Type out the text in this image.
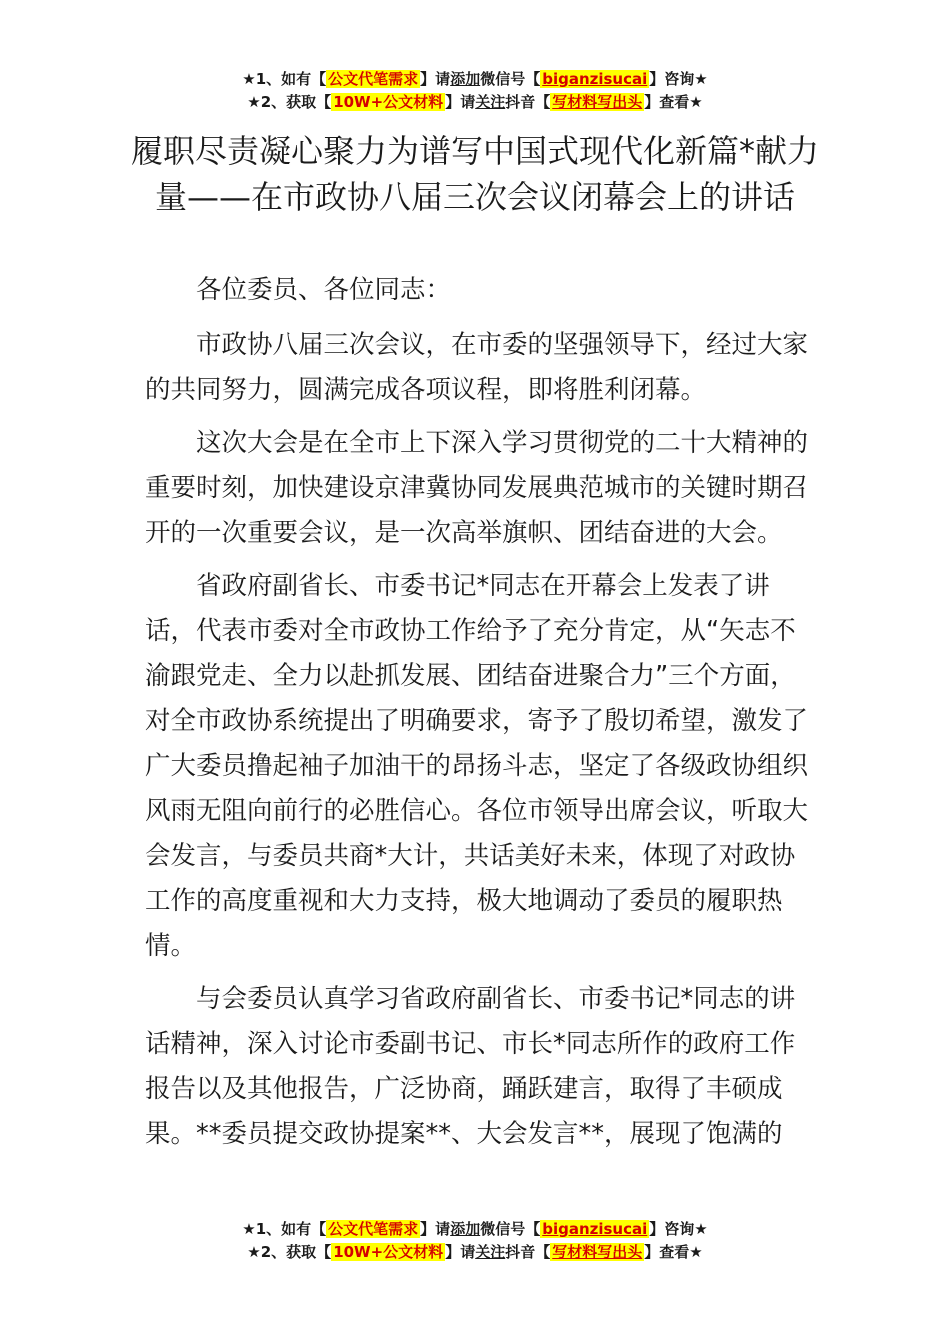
★1、如有【 公文代笔需求 】请添加微信号【 biganzisucai 】咨询★
★2、获取【 10W+公文材料 】请关注抖音【 写材料写出头 】查看★
履职尽责凝心聚力为谱写中国式现代化新篇*献力量——在市政协八届三次会议闭幕会上的讲话

各位委员、各位同志：

市政协八届三次会议，在市委的坚强领导下，经过大家的共同努力，圆满完成各项议程，即将胜利闭幕。

这次大会是在全市上下深入学习贯彻党的二十大精神的重要时刻，加快建设京津冀协同发展典范城市的关键时期召开的一次重要会议，是一次高举旗帜、团结奋进的大会。

省政府副省长、市委书记*同志在开幕会上发表了讲话，代表市委对全市政协工作给予了充分肯定，从“矢志不渝跟党走、全力以赴抓发展、团结奋进聚合力”三个方面，对全市政协系统提出了明确要求，寄予了殷切希望，激发了广大委员撸起袖子加油干的昂扬斗志，坚定了各级政协组织风雨无阻向前行的必胜信心。各位市领导出席会议，听取大会发言，与委员共商*大计，共话美好未来，体现了对政协工作的高度重视和大力支持，极大地调动了委员的履职热情。

与会委员认真学习省政府副省长、市委书记*同志的讲话精神，深入讨论市委副书记、市长*同志所作的政府工作报告以及其他报告，广泛协商，踊跃建言，取得了丰硕成果。**委员提交政协提案**、大会发言**，展现了饱满的

★1、如有【 公文代笔需求 】请添加微信号【 biganzisucai 】咨询★
★2、获取【 10W+公文材料 】请关注抖音【 写材料写出头 】查看★
